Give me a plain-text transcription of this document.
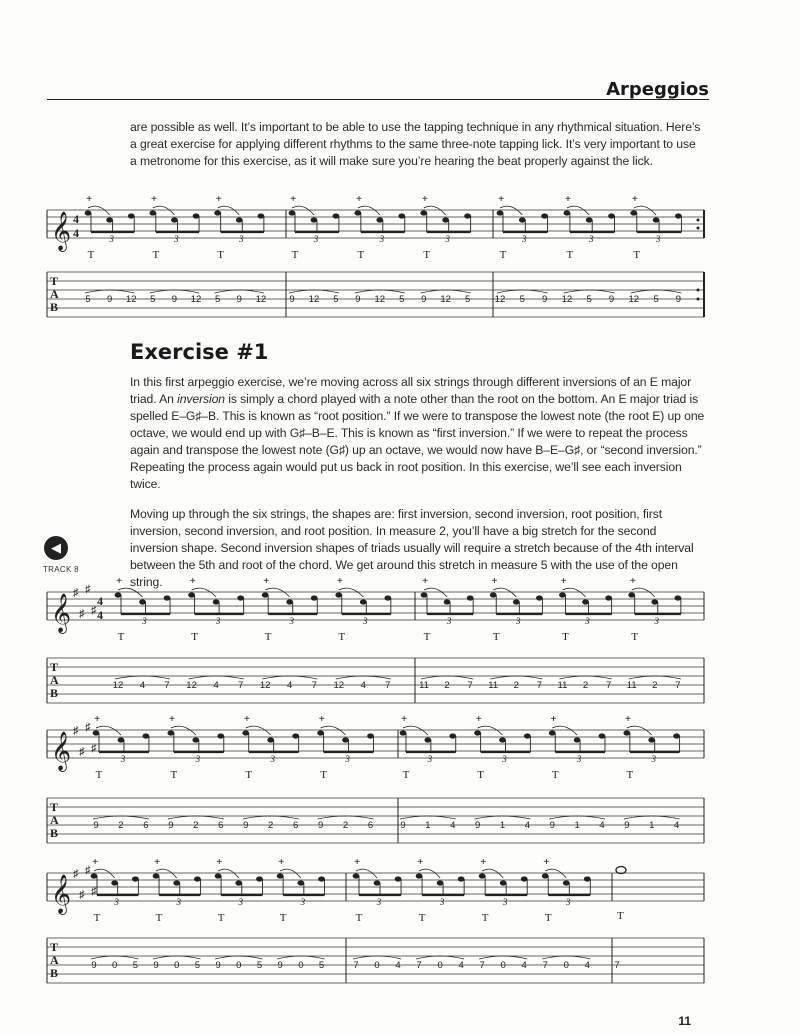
Arpeggios

are possible as well. It’s important to be able to use the tapping technique in any rhythmical situation. Here’s a great exercise for applying different rhythms to the same three-note tapping lick. It’s very important to use a metronome for this exercise, as it will make sure you’re hearing the beat properly against the lick.

Exercise #1

In this first arpeggio exercise, we’re moving across all six strings through different inversions of an E major triad. An inversion is simply a chord played with a note other than the root on the bottom. An E major triad is spelled E–G♯–B. This is known as “root position.” If we were to transpose the lowest note (the root E) up one octave, we would end up with G♯–B–E. This is known as “first inversion.” If we were to repeat the process again and transpose the lowest note (G♯) up an octave, we would now have B–E–G♯, or “second inversion.” Repeating the process again would put us back in root position. In this exercise, we’ll see each inversion twice.

Moving up through the six strings, the shapes are: first inversion, second inversion, root position, first inversion, second inversion, and root position. In measure 2, you’ll have a big stretch for the second inversion shape. Second inversion shapes of triads usually will require a stretch because of the 4th interval between the 5th and root of the chord. We get around this stretch in measure 5 with the use of the open string.

◀
TRACK 8
𝄞 4
4
T
A
B
5 9 12 5 9 12 5 9 12
3
+
T
3
+
T
3
+
T
9 12 5 9 12 5 9 12 5
3
+
T
3
+
T
3
+
T
12 5 9 12 5 9 12 5 9
3
+
T
3
+
T
3
+
T
𝄞
♯
♯
♯
♯
4
4
T
A
B
12 4 7 12 4 7 12 4 7 12 4 7
3
+
T
3
+
T
3
+
T
3
+
T
11 2 7 11 2 7 11 2 7 11 2 7
3
+
T
3
+
T
3
+
T
3
+
T
𝄞
♯
♯
♯
♯
T
A
B
9 2 6 9 2 6 9 2 6 9 2 6
3
+
T
3
+
T
3
+
T
3
+
T
9 1 4 9 1 4 9 1 4 9 1 4
3
+
T
3
+
T
3
+
T
3
+
T
𝄞
♯
♯
♯
♯
T
A
B
9 0 5 9 0 5 9 0 5 9 0 5
3
+
T
3
+
T
3
+
T
3
+
T
7 0 4 7 0 4 7 0 4 7 0 4
3
+
T
3
+
T
3
+
T
3
+
T
7
T
11
